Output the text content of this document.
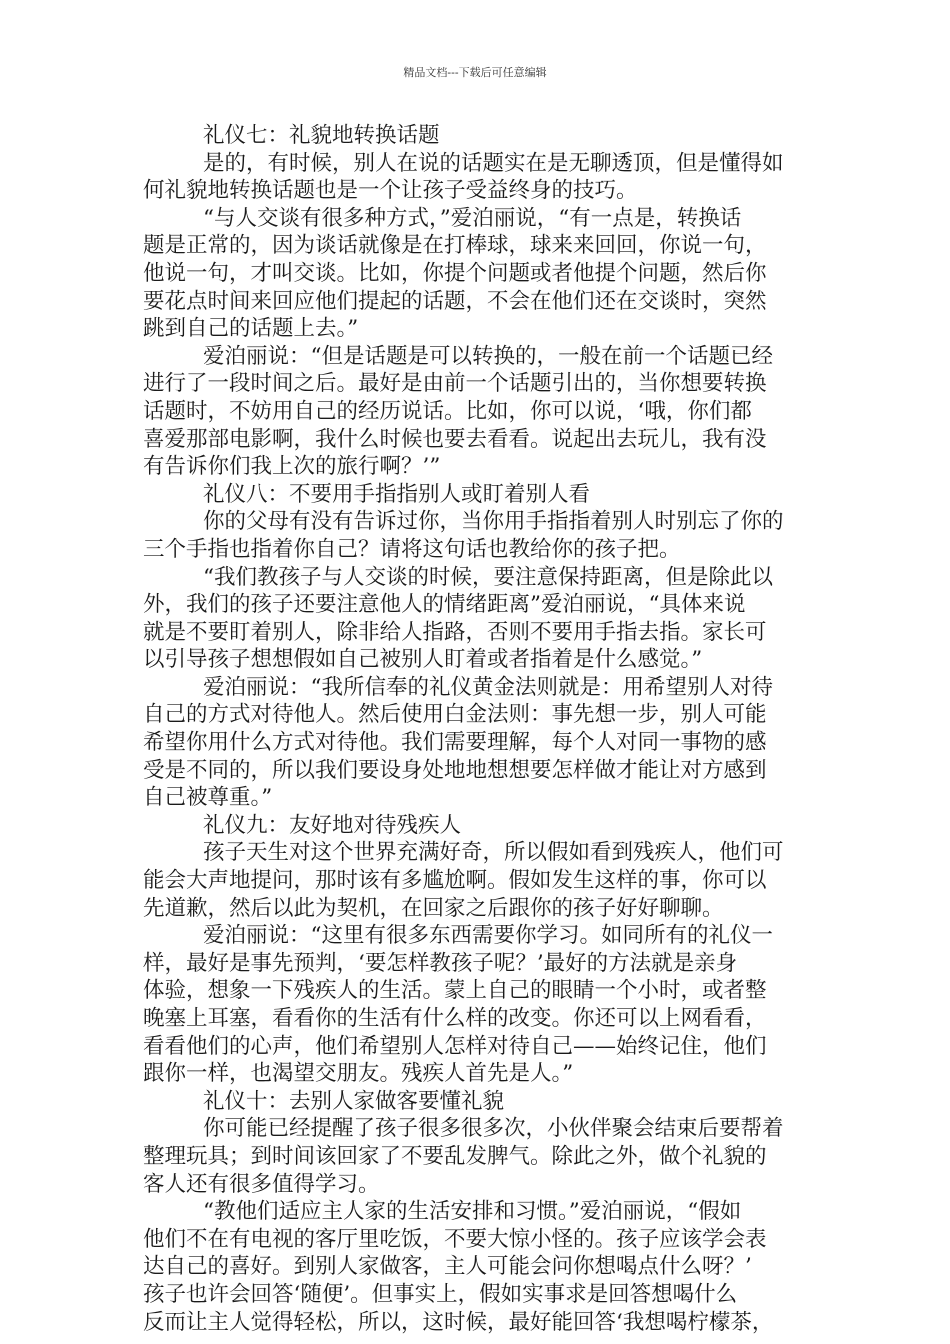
精品文档---下载后可任意编辑
礼仪七：礼貌地转换话题
是的，有时候，别人在说的话题实在是无聊透顶，但是懂得如
何礼貌地转换话题也是一个让孩子受益终身的技巧。
“与人交谈有很多种方式，”爱泊丽说，“有一点是，转换话
题是正常的，因为谈话就像是在打棒球，球来来回回，你说一句，
他说一句，才叫交谈。比如，你提个问题或者他提个问题，然后你
要花点时间来回应他们提起的话题，不会在他们还在交谈时，突然
跳到自己的话题上去。”
爱泊丽说：“但是话题是可以转换的，一般在前一个话题已经
进行了一段时间之后。最好是由前一个话题引出的，当你想要转换
话题时，不妨用自己的经历说话。比如，你可以说，‘哦，你们都
喜爱那部电影啊，我什么时候也要去看看。说起出去玩儿，我有没
有告诉你们我上次的旅行啊？’”
礼仪八：不要用手指指别人或盯着别人看
你的父母有没有告诉过你，当你用手指指着别人时别忘了你的
三个手指也指着你自己？请将这句话也教给你的孩子把。
“我们教孩子与人交谈的时候，要注意保持距离，但是除此以
外，我们的孩子还要注意他人的情绪距离”爱泊丽说，“具体来说
就是不要盯着别人，除非给人指路，否则不要用手指去指。家长可
以引导孩子想想假如自己被别人盯着或者指着是什么感觉。”
爱泊丽说：“我所信奉的礼仪黄金法则就是：用希望别人对待
自己的方式对待他人。然后使用白金法则：事先想一步，别人可能
希望你用什么方式对待他。我们需要理解，每个人对同一事物的感
受是不同的，所以我们要设身处地地想想要怎样做才能让对方感到
自己被尊重。”
礼仪九：友好地对待残疾人
孩子天生对这个世界充满好奇，所以假如看到残疾人，他们可
能会大声地提问，那时该有多尴尬啊。假如发生这样的事，你可以
先道歉，然后以此为契机，在回家之后跟你的孩子好好聊聊。
爱泊丽说：“这里有很多东西需要你学习。如同所有的礼仪一
样，最好是事先预判，‘要怎样教孩子呢？’最好的方法就是亲身
体验，想象一下残疾人的生活。蒙上自己的眼睛一个小时，或者整
晚塞上耳塞，看看你的生活有什么样的改变。你还可以上网看看，
看看他们的心声，他们希望别人怎样对待自己——始终记住，他们
跟你一样，也渴望交朋友。残疾人首先是人。”
礼仪十：去别人家做客要懂礼貌
你可能已经提醒了孩子很多很多次，小伙伴聚会结束后要帮着
整理玩具；到时间该回家了不要乱发脾气。除此之外，做个礼貌的
客人还有很多值得学习。
“教他们适应主人家的生活安排和习惯。”爱泊丽说，“假如
他们不在有电视的客厅里吃饭，不要大惊小怪的。孩子应该学会表
达自己的喜好。到别人家做客，主人可能会问你想喝点什么呀？’
孩子也许会回答‘随便’。但事实上，假如实事求是回答想喝什么
反而让主人觉得轻松，所以，这时候，最好能回答‘我想喝柠檬茶，
